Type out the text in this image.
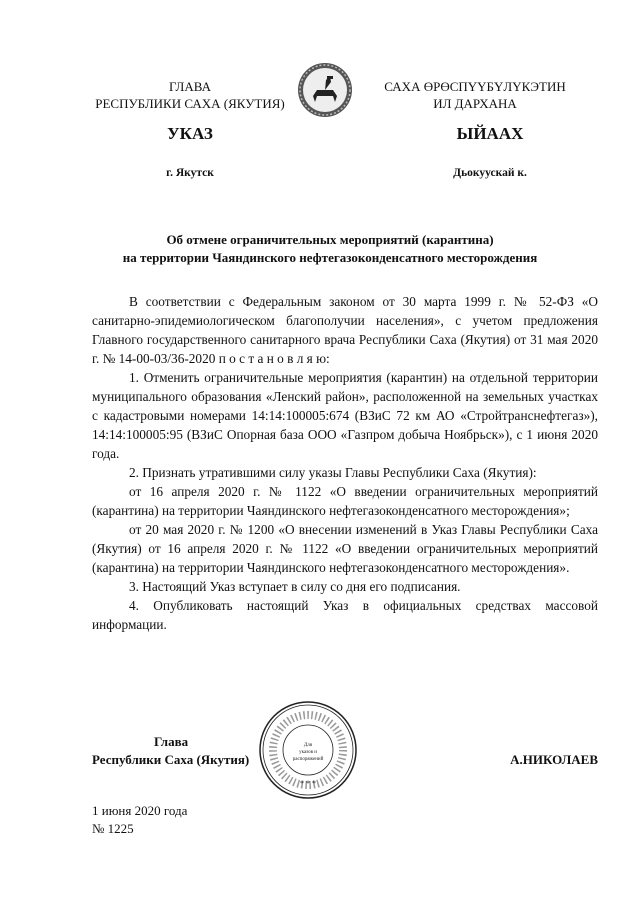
ГЛАВА
РЕСПУБЛИКИ САХА (ЯКУТИЯ)
САХА ӨРӨСПҮҮБҮЛҮКЭТИН
ИЛ ДАРХАНА
УКАЗ	ЫЙААХ
г. Якутск	Дьокуускай к.
Об отмене ограничительных мероприятий (карантина)
на территории Чаяндинского нефтегазоконденсатного месторождения

В соответствии с Федеральным законом от 30 марта 1999 г. № 52-ФЗ «О санитарно-эпидемиологическом благополучии населения», с учетом предложения Главного государственного санитарного врача Республики Саха (Якутия) от 31 мая 2020 г. № 14-00-03/36-2020 п о с т а н о в л я ю:

1. Отменить ограничительные мероприятия (карантин) на отдельной территории муниципального образования «Ленский район», расположенной на земельных участках с кадастровыми номерами 14:14:100005:674 (ВЗиС 72 км АО «Стройтранснефтегаз»), 14:14:100005:95 (ВЗиС Опорная база ООО «Газпром добыча Ноябрьск»), с 1 июня 2020 года.

2. Признать утратившими силу указы Главы Республики Саха (Якутия):

от 16 апреля 2020 г. № 1122 «О введении ограничительных мероприятий (карантина) на территории Чаяндинского нефтегазоконденсатного месторождения»;

от 20 мая 2020 г. № 1200 «О внесении изменений в Указ Главы Республики Саха (Якутия) от 16 апреля 2020 г. № 1122 «О введении ограничительных мероприятий (карантина) на территории Чаяндинского нефтегазоконденсатного месторождения».

3. Настоящий Указ вступает в силу со дня его подписания.

4. Опубликовать настоящий Указ в официальных средствах массовой информации.

Глава
Республики Саха (Якутия)
Для
указов и
распоряжений
* * *
А.НИКОЛАЕВ
1 июня 2020 года
№ 1225
